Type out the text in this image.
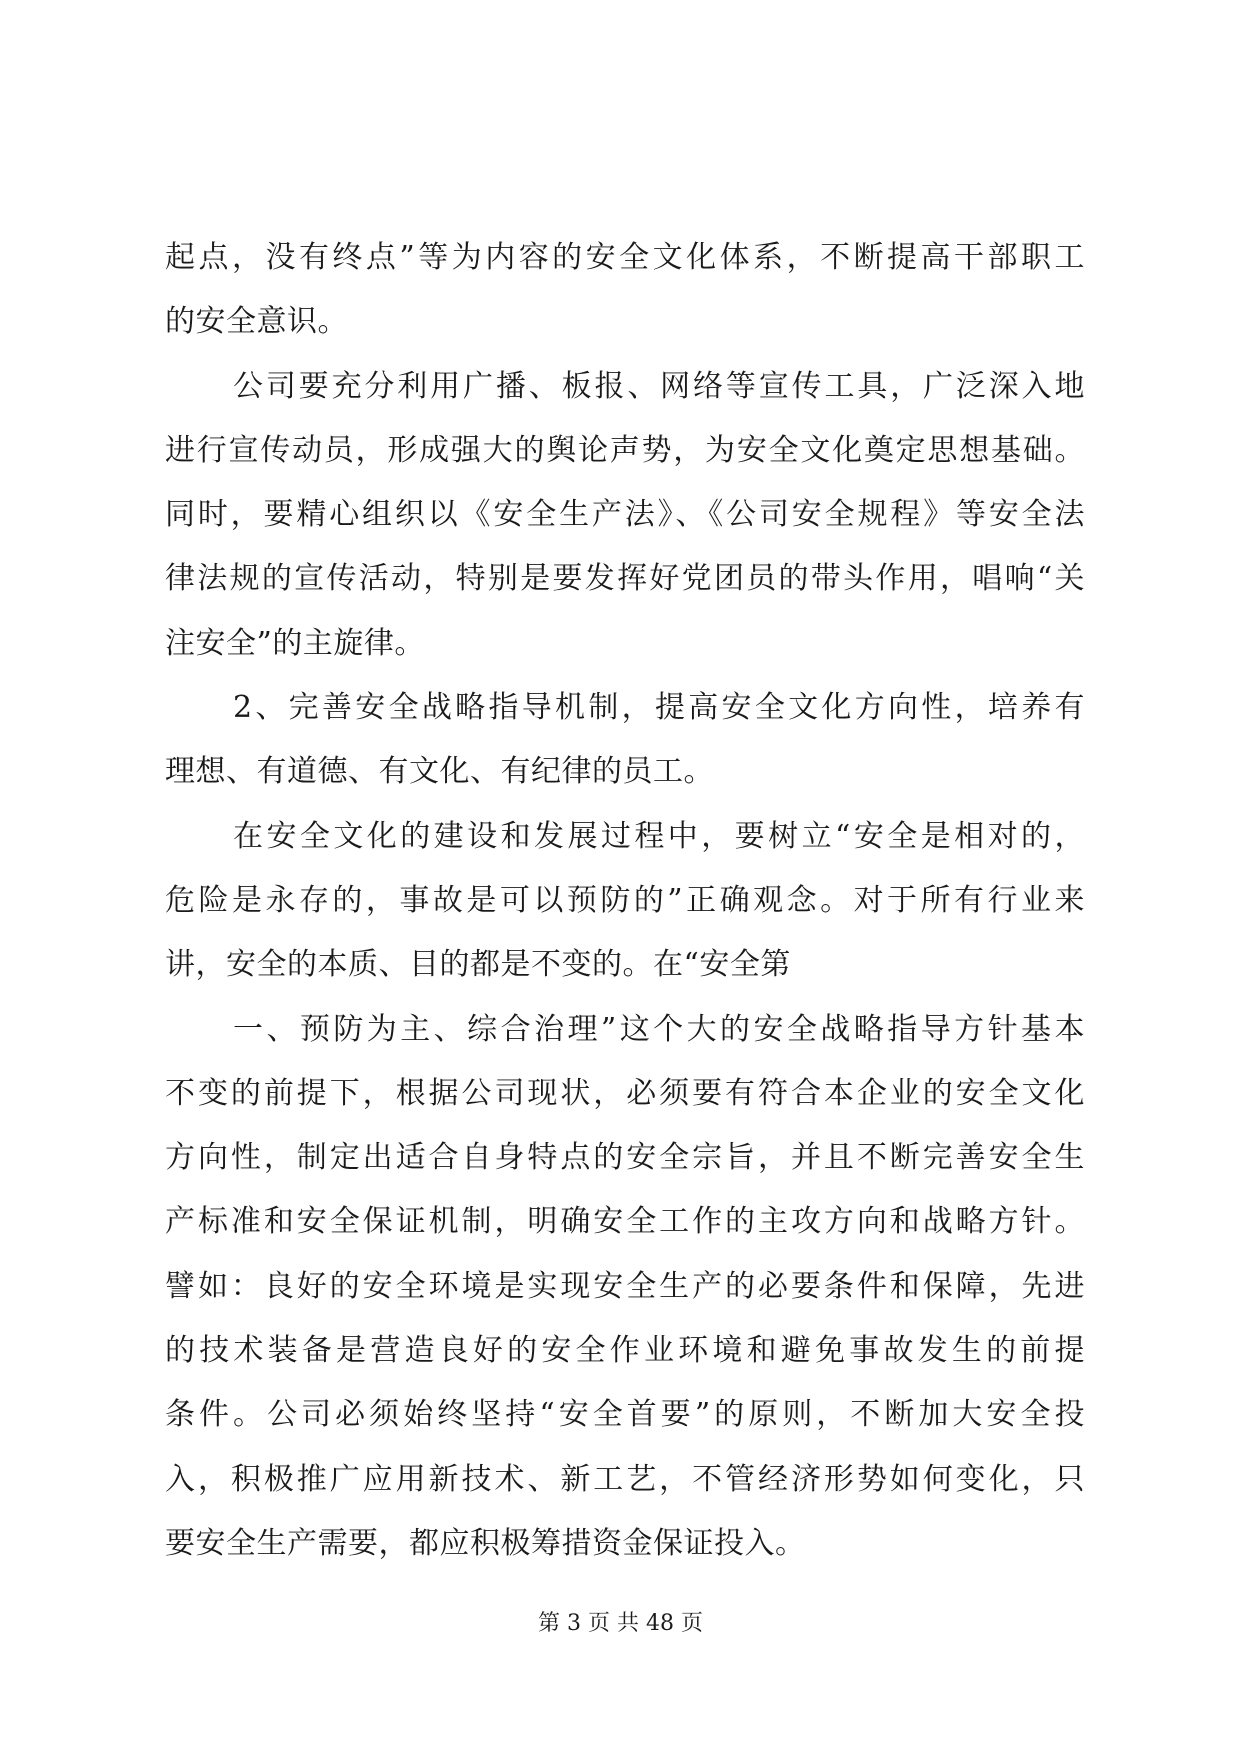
起点，没有终点”等为内容的安全文化体系，不断提高干部职工
的安全意识。
公司要充分利用广播、板报、网络等宣传工具，广泛深入地
进行宣传动员，形成强大的舆论声势，为安全文化奠定思想基础。
同时，要精心组织以《安全生产法》、《公司安全规程》等安全法
律法规的宣传活动，特别是要发挥好党团员的带头作用，唱响“关
注安全”的主旋律。
2、完善安全战略指导机制，提高安全文化方向性，培养有
理想、有道德、有文化、有纪律的员工。
在安全文化的建设和发展过程中，要树立“安全是相对的，
危险是永存的，事故是可以预防的”正确观念。对于所有行业来
讲，安全的本质、目的都是不变的。在“安全第
一、预防为主、综合治理”这个大的安全战略指导方针基本
不变的前提下，根据公司现状，必须要有符合本企业的安全文化
方向性，制定出适合自身特点的安全宗旨，并且不断完善安全生
产标准和安全保证机制，明确安全工作的主攻方向和战略方针。
譬如：良好的安全环境是实现安全生产的必要条件和保障，先进
的技术装备是营造良好的安全作业环境和避免事故发生的前提
条件。公司必须始终坚持“安全首要”的原则，不断加大安全投
入，积极推广应用新技术、新工艺，不管经济形势如何变化，只
要安全生产需要，都应积极筹措资金保证投入。
第 3 页 共 48 页
